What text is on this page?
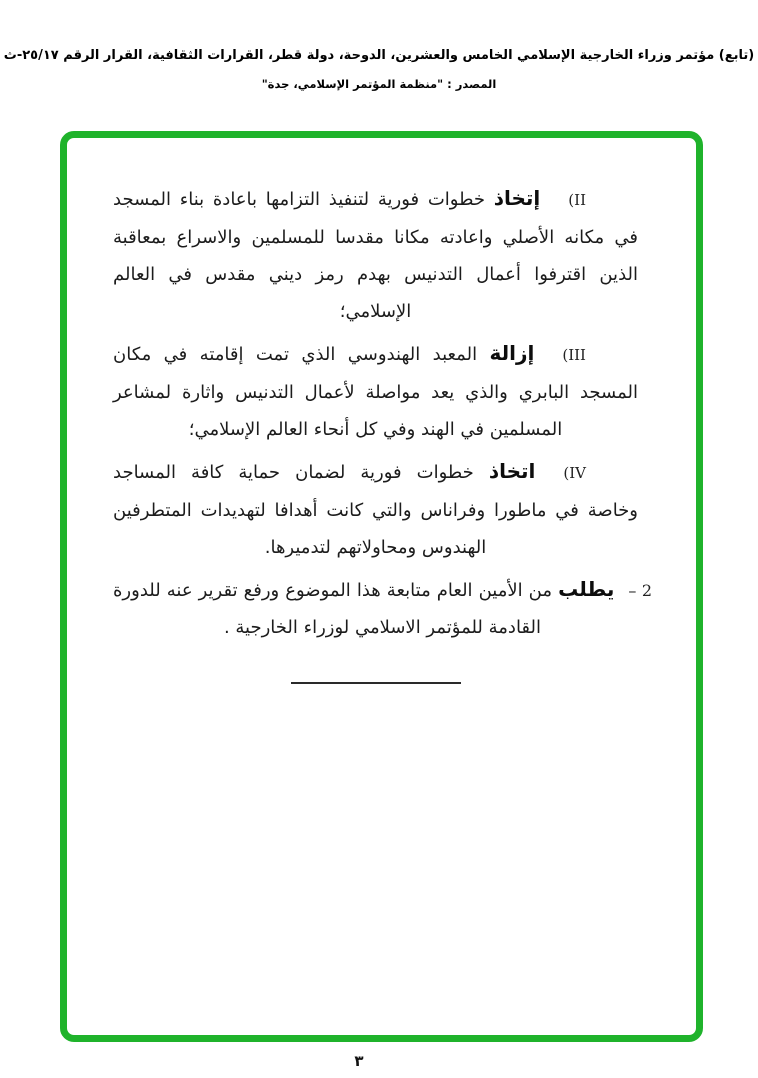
(تابع) مؤتمر وزراء الخارجية الإسلامي الخامس والعشرين، الدوحة، دولة قطر، القرارات الثقافية، القرار الرقم ٢٥/١٧-ث
المصدر : "منظمة المؤتمر الإسلامي، جدة"

(IIإتخاذ خطوات فورية لتنفيذ التزامها باعادة بناء المسجد في مكانه الأصلي واعادته مكانا مقدسا للمسلمين والاسراع بمعاقبة الذين اقترفوا أعمال التدنيس بهدم رمز ديني مقدس في العالم الإسلامي؛

(IIIإزالة المعبد الهندوسي الذي تمت إقامته في مكان المسجد البابري والذي يعد مواصلة لأعمال التدنيس واثارة لمشاعر المسلمين في الهند وفي كل أنحاء العالم الإسلامي؛

(IVاتخاذ خطوات فورية لضمان حماية كافة المساجد وخاصة في ماطورا وفراناس والتي كانت أهدافا لتهديدات المتطرفين الهندوس ومحاولاتهم لتدميرها.

– 2يطلب من الأمين العام متابعة هذا الموضوع ورفع تقرير عنه للدورة القادمة للمؤتمر الاسلامي لوزراء الخارجية .

٣
